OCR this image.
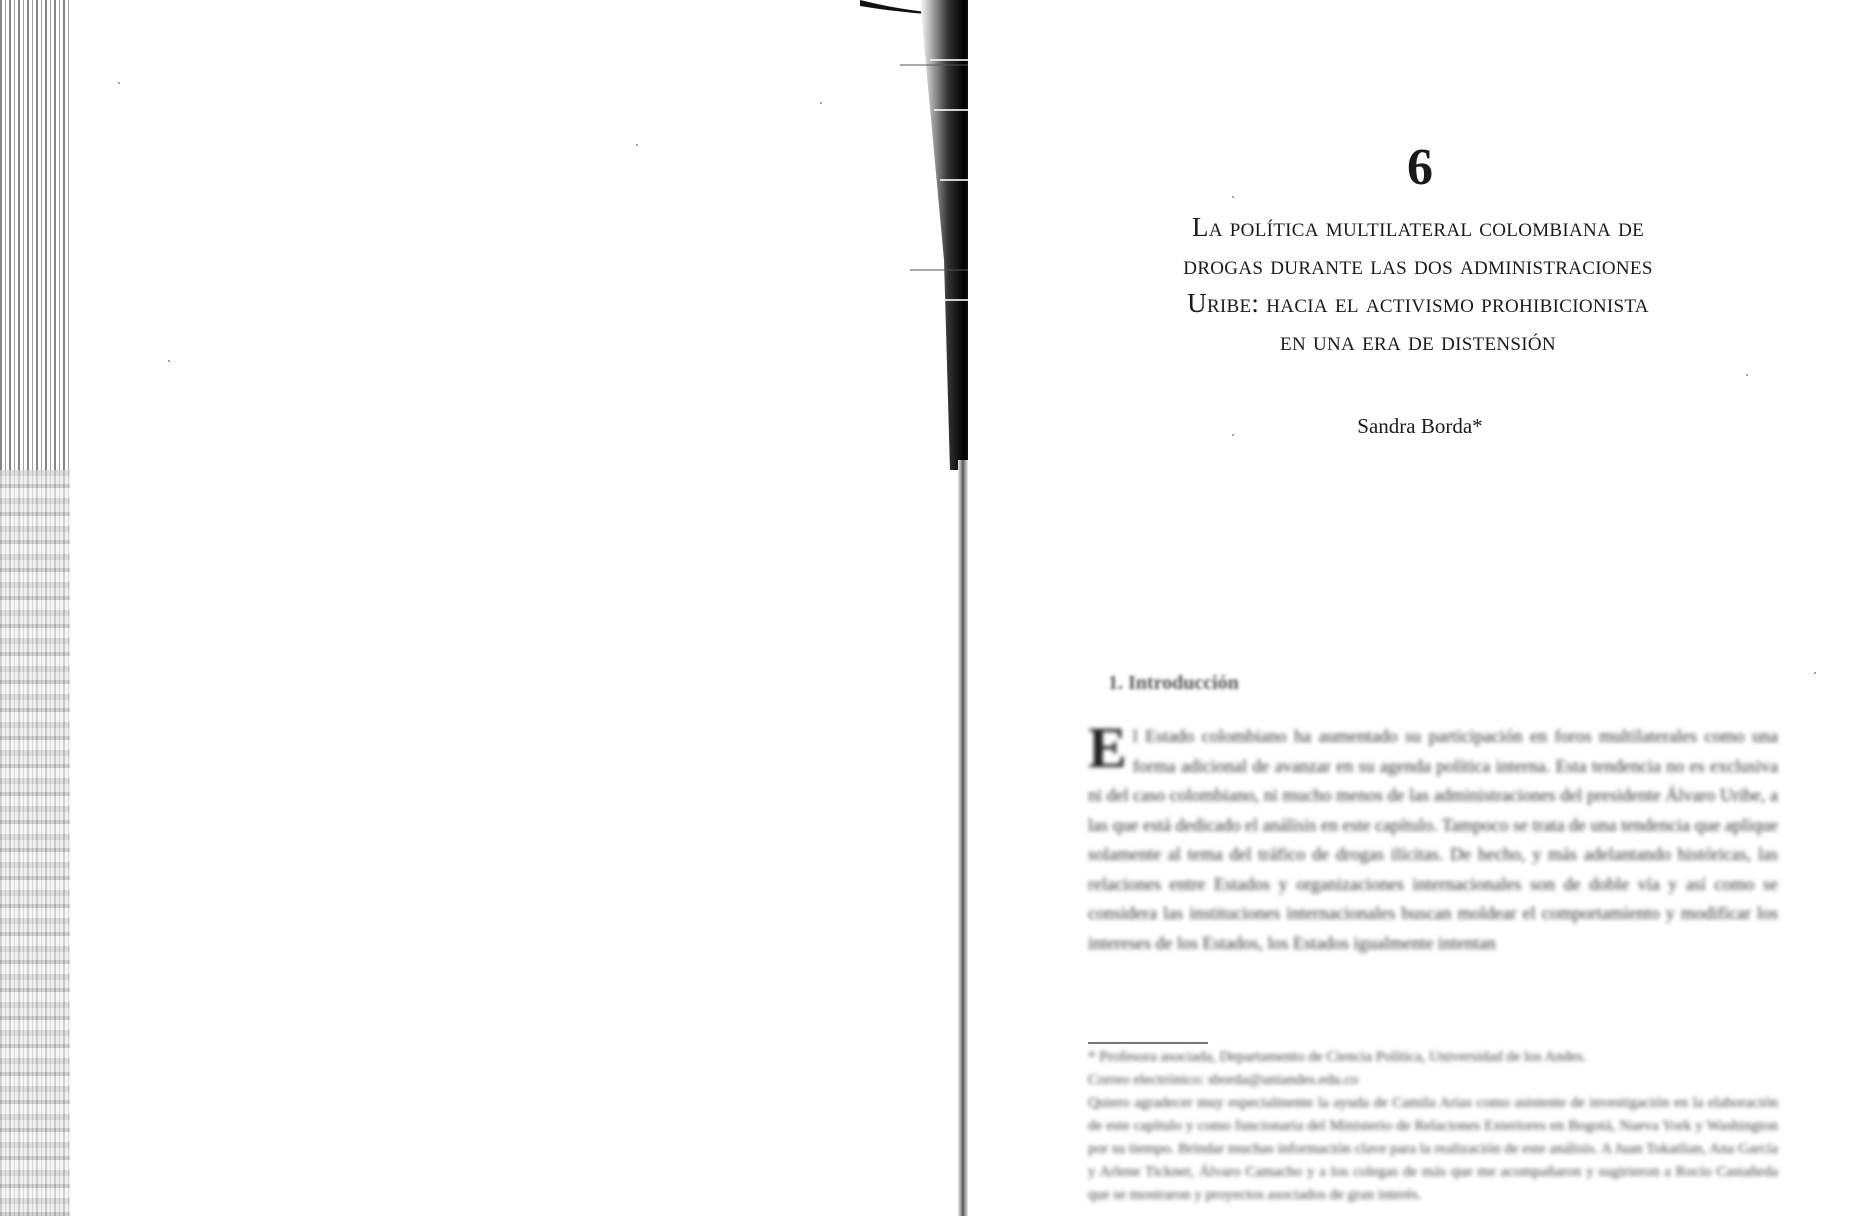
6
La política multilateral colombiana de
drogas durante las dos administraciones
Uribe: hacia el activismo prohibicionista
en una era de distensión
Sandra Borda*
1. Introducción

El Estado colombiano ha aumentado su participación en foros multilaterales como una forma adicional de avanzar en su agenda política interna. Esta tendencia no es exclusiva ni del caso colombiano, ni mucho menos de las administraciones del presidente Álvaro Uribe, a las que está dedicado el análisis en este capítulo. Tampoco se trata de una tendencia que aplique solamente al tema del tráfico de drogas ilícitas. De hecho, y más adelantando históricas, las relaciones entre Estados y organizaciones internacionales son de doble vía y así como se considera las instituciones internacionales buscan moldear el comportamiento y modificar los intereses de los Estados, los Estados igualmente intentan

* Profesora asociada, Departamento de Ciencia Política, Universidad de los Andes.

Correo electrónico: sborda@uniandes.edu.co

Quiero agradecer muy especialmente la ayuda de Camila Arias como asistente de investigación en la elaboración de este capítulo y como funcionaria del Ministerio de Relaciones Exteriores en Bogotá, Nueva York y Washington por su tiempo. Brindar muchas información clave para la realización de este análisis. A Juan Tokatlian, Ana García y Arlene Tickner, Álvaro Camacho y a los colegas de más que me acompañaron y sugirieron a Rocío Castañeda que se mostraron y proyectos asociados de gran interés.
